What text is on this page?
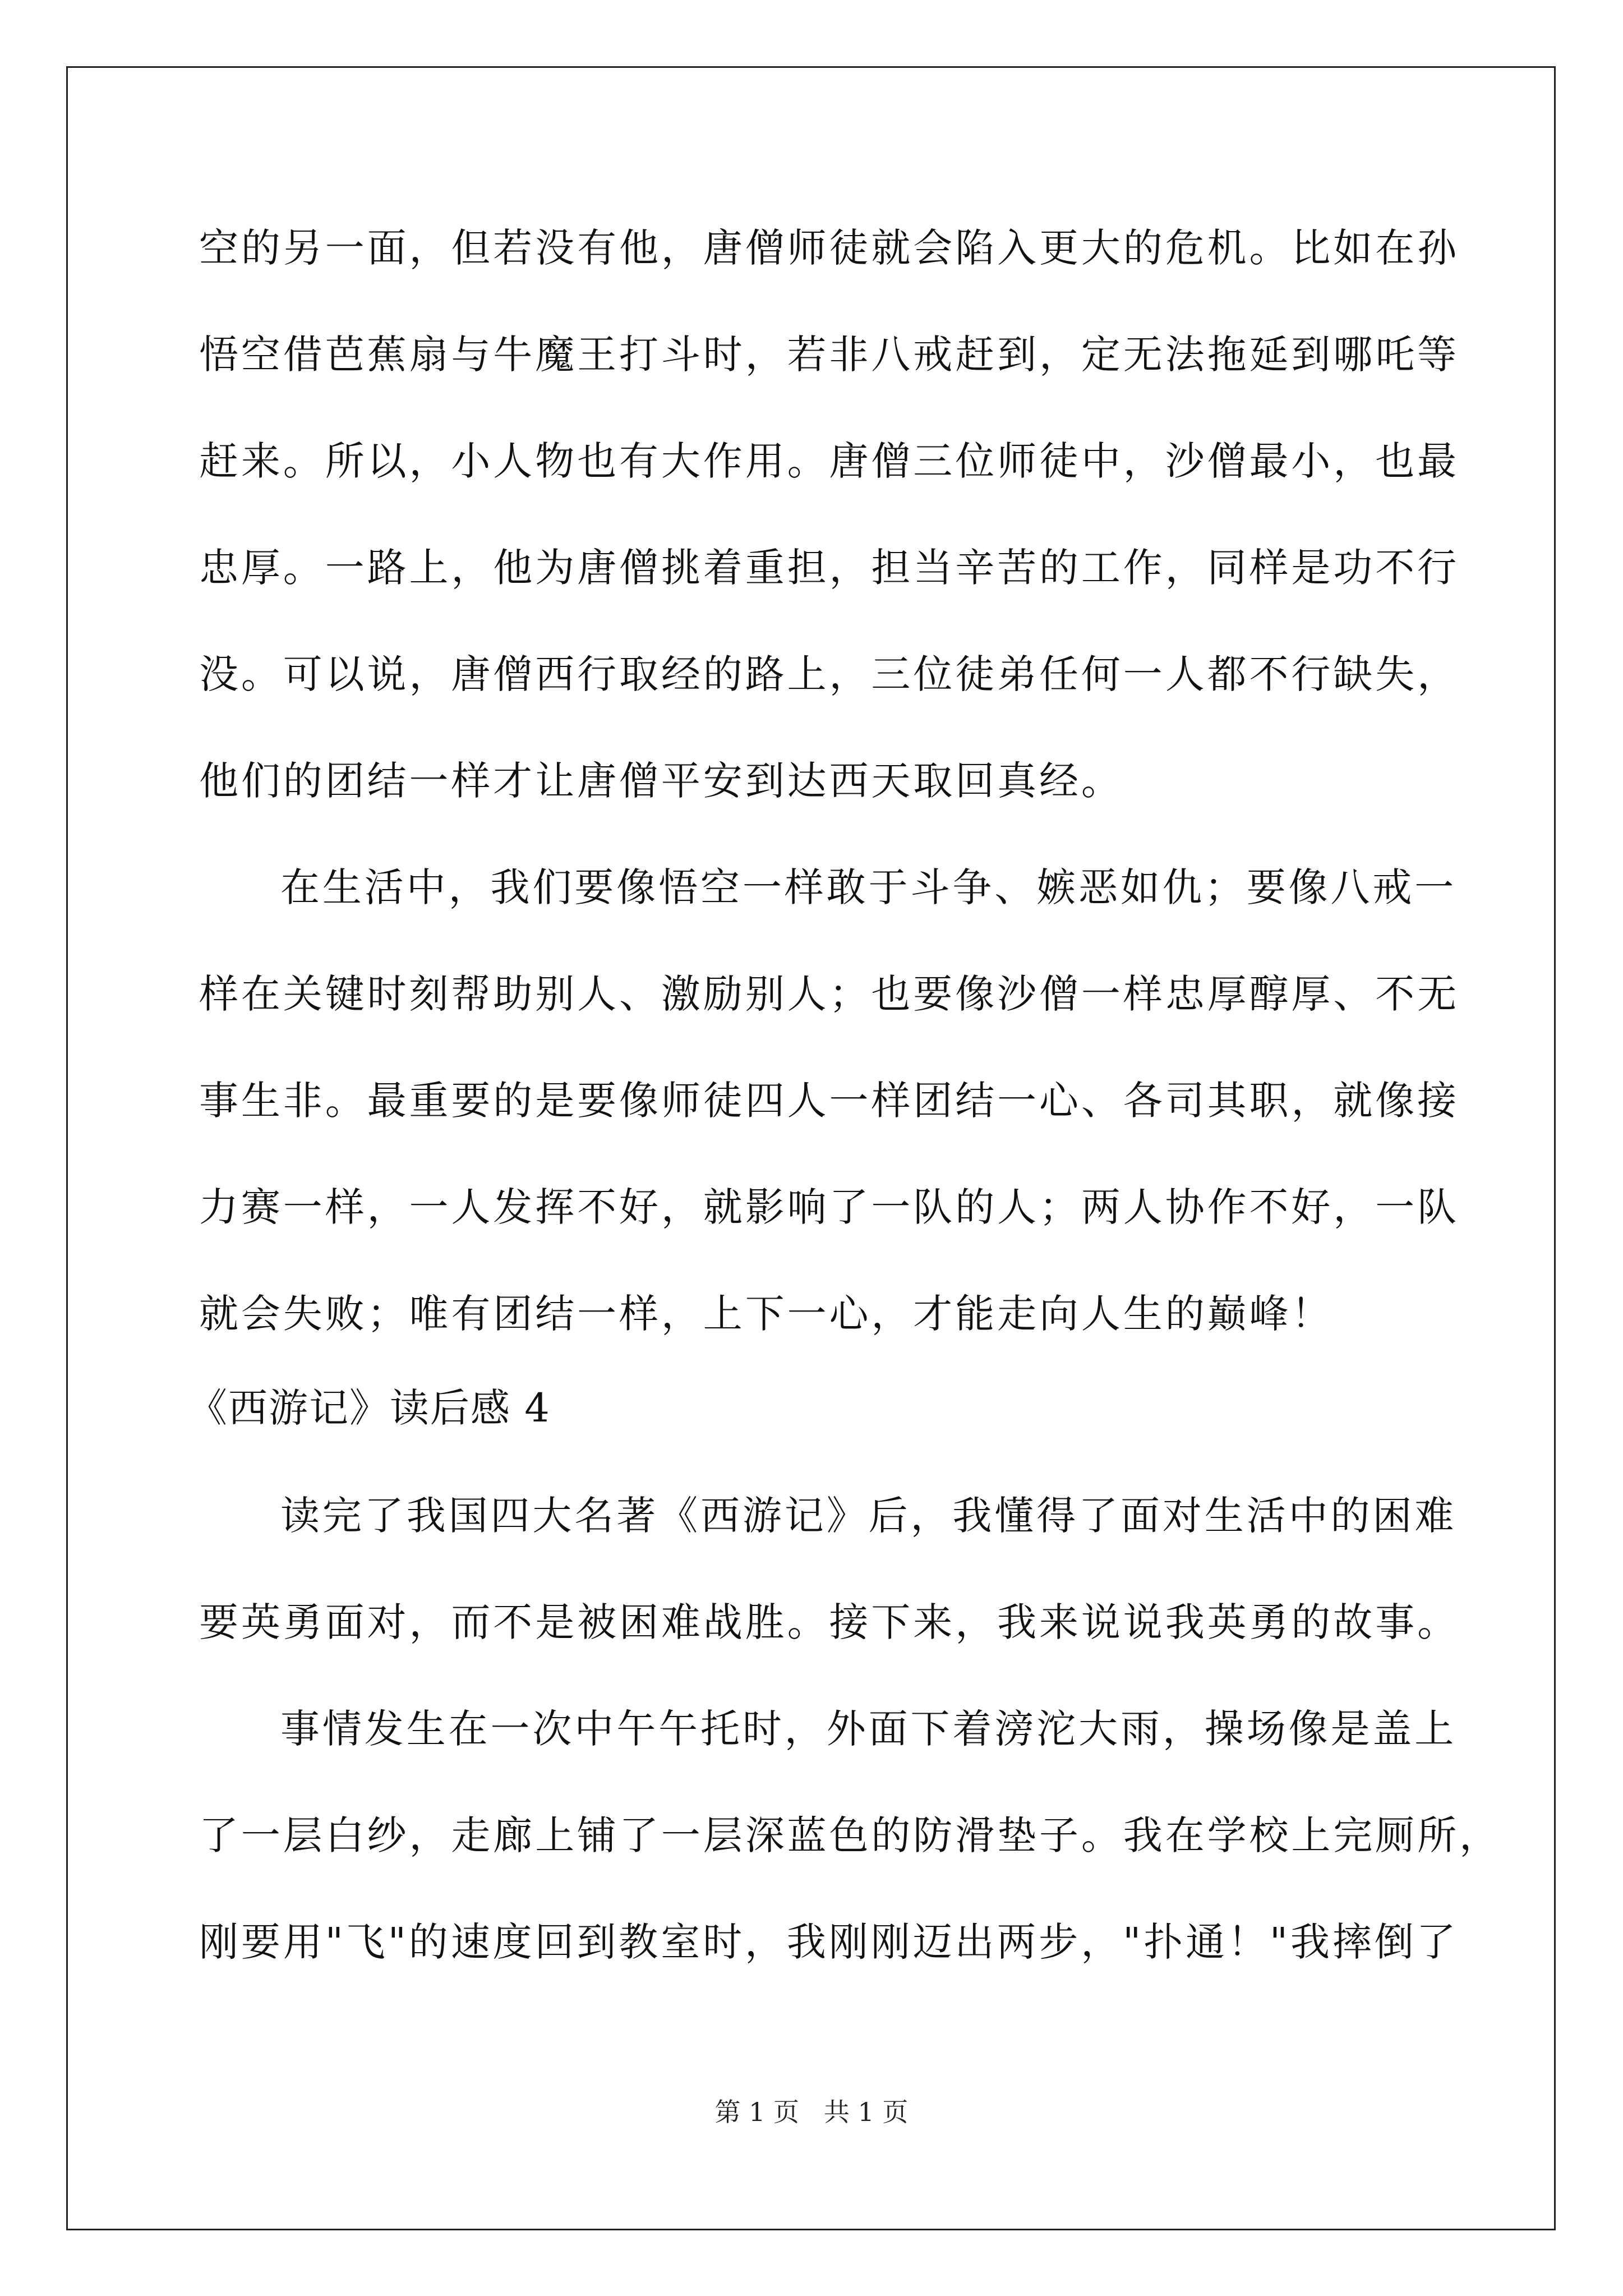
空的另一面，但若没有他，唐僧师徒就会陷入更大的危机。比如在孙
悟空借芭蕉扇与牛魔王打斗时，若非八戒赶到，定无法拖延到哪吒等
赶来。所以，小人物也有大作用。唐僧三位师徒中，沙僧最小，也最
忠厚。一路上，他为唐僧挑着重担，担当辛苦的工作，同样是功不行
没。可以说，唐僧西行取经的路上，三位徒弟任何一人都不行缺失，
他们的团结一样才让唐僧平安到达西天取回真经。
在生活中，我们要像悟空一样敢于斗争、嫉恶如仇；要像八戒一
样在关键时刻帮助别人、激励别人；也要像沙僧一样忠厚醇厚、不无
事生非。最重要的是要像师徒四人一样团结一心、各司其职，就像接
力赛一样，一人发挥不好，就影响了一队的人；两人协作不好，一队
就会失败；唯有团结一样，上下一心，才能走向人生的巅峰！
《西游记》读后感 4
读完了我国四大名著《西游记》后，我懂得了面对生活中的困难
要英勇面对，而不是被困难战胜。接下来，我来说说我英勇的故事。
事情发生在一次中午午托时，外面下着滂沱大雨，操场像是盖上
了一层白纱，走廊上铺了一层深蓝色的防滑垫子。我在学校上完厕所，
刚要用"飞"的速度回到教室时，我刚刚迈出两步，"扑通！"我摔倒了
第 1 页   共 1 页
